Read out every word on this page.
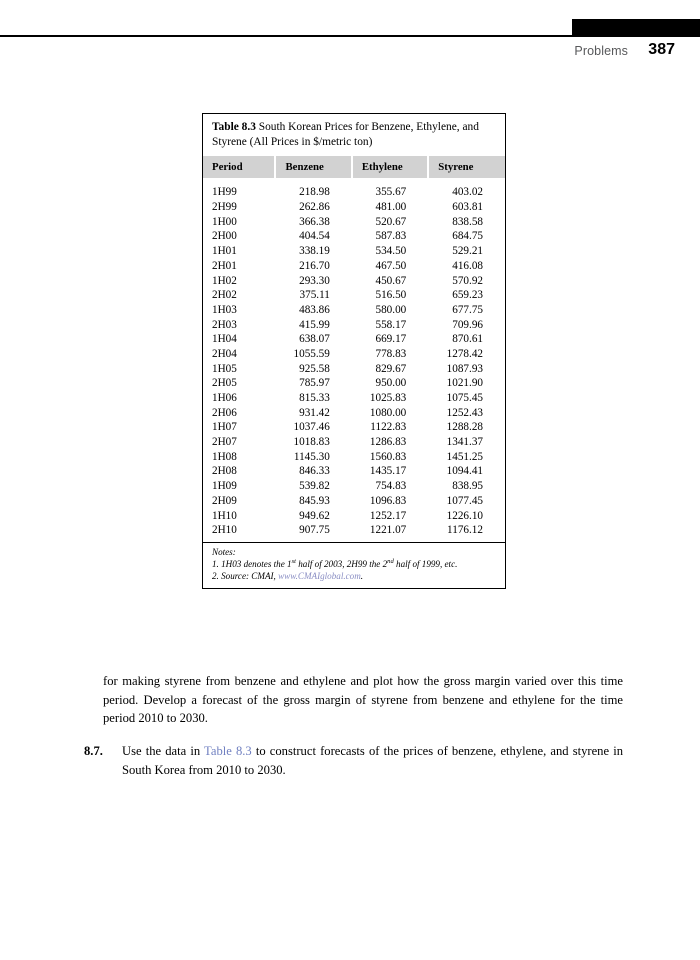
Problems 387
Table 8.3 South Korean Prices for Benzene, Ethylene, and Styrene (All Prices in $/metric ton)
Period	Benzene	Ethylene	Styrene
1H99	218.98	355.67	403.02
2H99	262.86	481.00	603.81
1H00	366.38	520.67	838.58
2H00	404.54	587.83	684.75
1H01	338.19	534.50	529.21
2H01	216.70	467.50	416.08
1H02	293.30	450.67	570.92
2H02	375.11	516.50	659.23
1H03	483.86	580.00	677.75
2H03	415.99	558.17	709.96
1H04	638.07	669.17	870.61
2H04	1055.59	778.83	1278.42
1H05	925.58	829.67	1087.93
2H05	785.97	950.00	1021.90
1H06	815.33	1025.83	1075.45
2H06	931.42	1080.00	1252.43
1H07	1037.46	1122.83	1288.28
2H07	1018.83	1286.83	1341.37
1H08	1145.30	1560.83	1451.25
2H08	846.33	1435.17	1094.41
1H09	539.82	754.83	838.95
2H09	845.93	1096.83	1077.45
1H10	949.62	1252.17	1226.10
2H10	907.75	1221.07	1176.12
Notes:
1. 1H03 denotes the 1st half of 2003, 2H99 the 2nd half of 1999, etc.
2. Source: CMAI, www.CMAIglobal.com.
for making styrene from benzene and ethylene and plot how the gross margin varied over this time period. Develop a forecast of the gross margin of styrene from benzene and ethylene for the time period 2010 to 2030.
8.7.	Use the data in Table 8.3 to construct forecasts of the prices of benzene, ethylene, and styrene in South Korea from 2010 to 2030.
